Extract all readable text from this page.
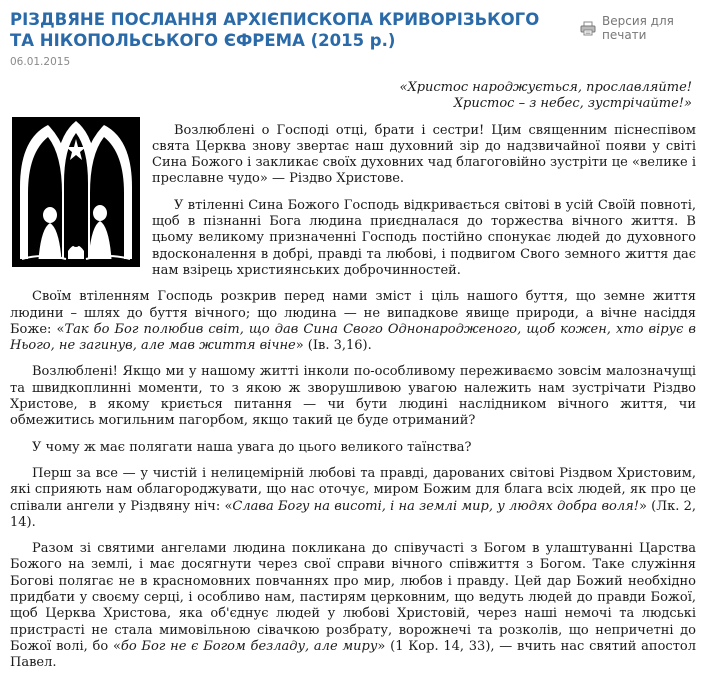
РІЗДВЯНЕ ПОСЛАННЯ АРХІЄПИСКОПА КРИВОРІЗЬКОГО ТА НІКОПОЛЬСЬКОГО ЄФРЕМА (2015 р.)
Версия для печати
06.01.2015
«Христос народжується, прославляйте!
Христос – з небес, зустрічайте!»

Возлюблені о Господі отці, брати і сестри! Цим священним піснеспівом свята Церква знову звертає наш духовний зір до надзвичайної появи у світі Сина Божого і закликає своїх духовних чад благоговійно зустріти це «велике і преславне чудо» — Різдво Христове.

У втіленні Сина Божого Господь відкривається світові в усій Своїй повноті, щоб в пізнанні Бога людина приєдналася до торжества вічного життя. В цьому великому призначенні Господь постійно спонукає людей до духовного вдосконалення в добрі, правді та любові, і подвигом Свого земного життя дає нам взірець християнських доброчинностей.

Своїм втіленням Господь розкрив перед нами зміст і ціль нашого буття, що земне життя людини – шлях до буття вічного; що людина — не випадкове явище природи, а вічне насіддя Боже: «Так бо Бог полюбив світ, що дав Сина Свого Однонародженого, щоб кожен, хто вірує в Нього, не загинув, але мав життя вічне» (Ів. 3,16).

Возлюблені! Якщо ми у нашому житті інколи по-особливому переживаємо зовсім малозначущі та швидкоплинні моменти, то з якою ж зворушливою увагою належить нам зустрічати Різдво Христове, в якому криється питання — чи бути людині наслідником вічного життя, чи обмежитись могильним пагорбом, якщо такий це буде отриманий?

У чому ж має полягати наша увага до цього великого таїнства?

Перш за все — у чистій і нелицемірній любові та правді, дарованих світові Різдвом Христовим, які сприяють нам облагороджувати, що нас оточує, миром Божим для блага всіх людей, як про це співали ангели у Різдвяну ніч: «Слава Богу на висоті, і на землі мир, у людях добра воля!» (Лк. 2, 14).

Разом зі святими ангелами людина покликана до співучасті з Богом в улаштуванні Царства Божого на землі, і має досягнути через свої справи вічного співжиття з Богом. Таке служіння Богові полягає не в красномовних повчаннях про мир, любов і правду. Цей дар Божий необхідно придбати у своєму серці, і особливо нам, пастирям церковним, що ведуть людей до правди Божої, щоб Церква Христова, яка об'єднує людей у любові Христовій, через наші немочі та людські пристрасті не стала мимовільною сівачкою розбрату, ворожнечі та розколів, що непричетні до Божої волі, бо «бо Бог не є Богом безладу, але миру» (1 Кор. 14, 33), — вчить нас святий апостол Павел.
